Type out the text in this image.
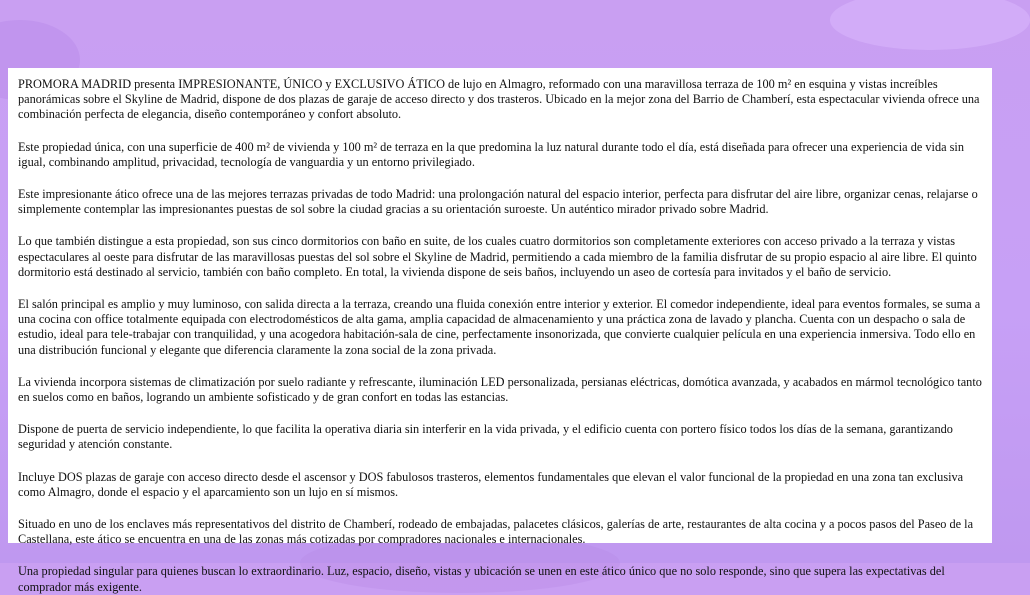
PROMORA MADRID presenta IMPRESIONANTE, ÚNICO y EXCLUSIVO ÁTICO de lujo en Almagro, reformado con una maravillosa terraza de 100 m² en esquina y vistas increíbles panorámicas sobre el Skyline de Madrid, dispone de dos plazas de garaje de acceso directo y dos trasteros. Ubicado en la mejor zona del Barrio de Chamberí, esta espectacular vivienda ofrece una combinación perfecta de elegancia, diseño contemporáneo y confort absoluto.

Este propiedad única, con una superficie de 400 m² de vivienda y 100 m² de terraza en la que predomina la luz natural durante todo el día, está diseñada para ofrecer una experiencia de vida sin igual, combinando amplitud, privacidad, tecnología de vanguardia y un entorno privilegiado.

Este impresionante ático ofrece una de las mejores terrazas privadas de todo Madrid: una prolongación natural del espacio interior, perfecta para disfrutar del aire libre, organizar cenas, relajarse o simplemente contemplar las impresionantes puestas de sol sobre la ciudad gracias a su orientación suroeste. Un auténtico mirador privado sobre Madrid.

Lo que también distingue a esta propiedad, son sus cinco dormitorios con baño en suite, de los cuales cuatro dormitorios son completamente exteriores con acceso privado a la terraza y vistas espectaculares al oeste para disfrutar de las maravillosas puestas del sol sobre el Skyline de Madrid, permitiendo a cada miembro de la familia disfrutar de su propio espacio al aire libre. El quinto dormitorio está destinado al servicio, también con baño completo. En total, la vivienda dispone de seis baños, incluyendo un aseo de cortesía para invitados y el baño de servicio.

El salón principal es amplio y muy luminoso, con salida directa a la terraza, creando una fluida conexión entre interior y exterior. El comedor independiente, ideal para eventos formales, se suma a una cocina con office totalmente equipada con electrodomésticos de alta gama, amplia capacidad de almacenamiento y una práctica zona de lavado y plancha. Cuenta con un despacho o sala de estudio, ideal para tele-trabajar con tranquilidad, y una acogedora habitación-sala de cine, perfectamente insonorizada, que convierte cualquier película en una experiencia inmersiva. Todo ello en una distribución funcional y elegante que diferencia claramente la zona social de la zona privada.

La vivienda incorpora sistemas de climatización por suelo radiante y refrescante, iluminación LED personalizada, persianas eléctricas, domótica avanzada, y acabados en mármol tecnológico tanto en suelos como en baños, logrando un ambiente sofisticado y de gran confort en todas las estancias.

Dispone de puerta de servicio independiente, lo que facilita la operativa diaria sin interferir en la vida privada, y el edificio cuenta con portero físico todos los días de la semana, garantizando seguridad y atención constante.

Incluye DOS plazas de garaje con acceso directo desde el ascensor y DOS fabulosos trasteros, elementos fundamentales que elevan el valor funcional de la propiedad en una zona tan exclusiva como Almagro, donde el espacio y el aparcamiento son un lujo en sí mismos.

Situado en uno de los enclaves más representativos del distrito de Chamberí, rodeado de embajadas, palacetes clásicos, galerías de arte, restaurantes de alta cocina y a pocos pasos del Paseo de la Castellana, este ático se encuentra en una de las zonas más cotizadas por compradores nacionales e internacionales.

Una propiedad singular para quienes buscan lo extraordinario. Luz, espacio, diseño, vistas y ubicación se unen en este ático único que no solo responde, sino que supera las expectativas del comprador más exigente.
